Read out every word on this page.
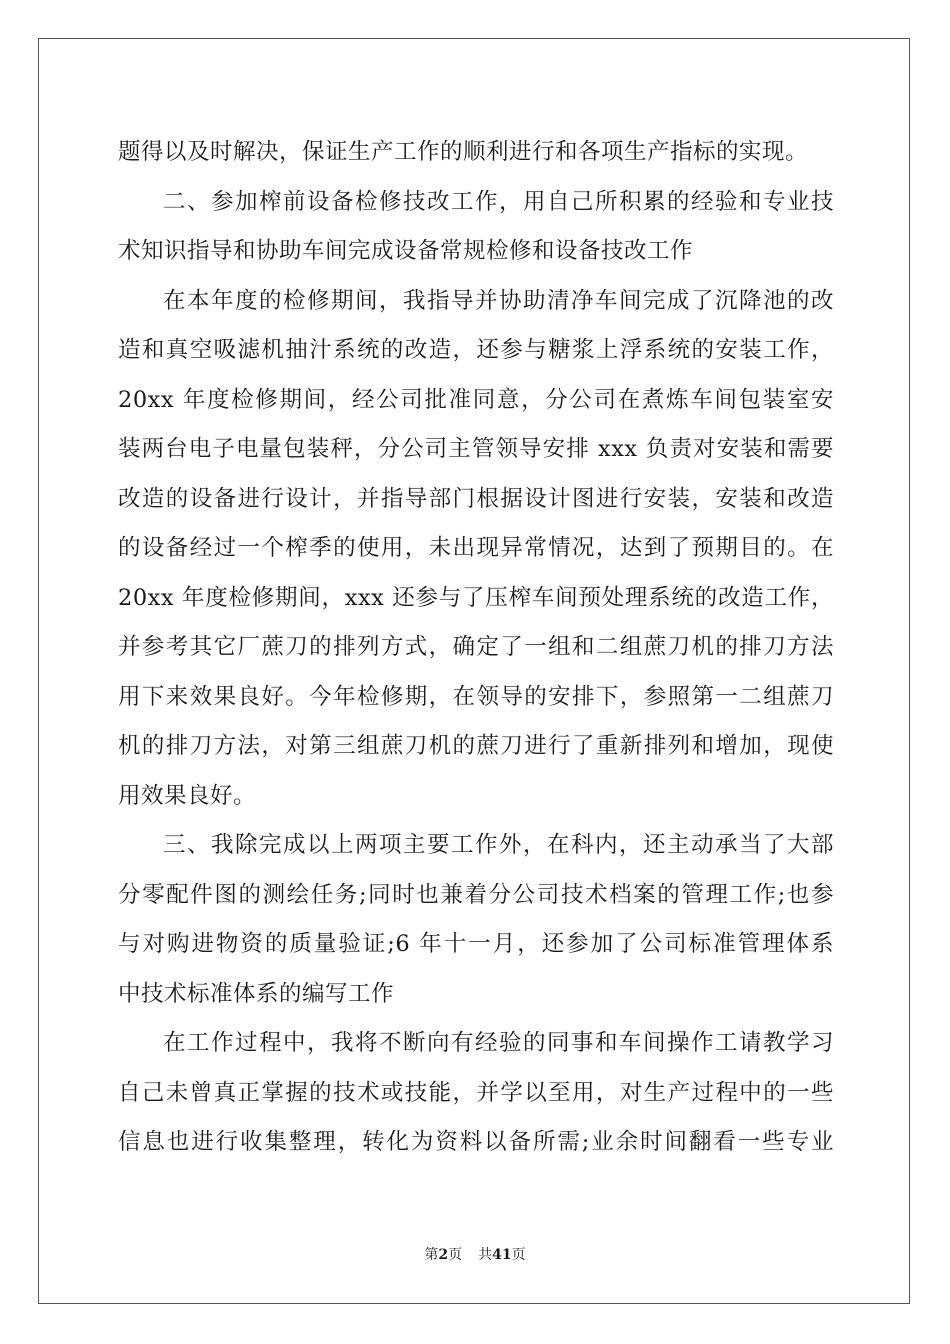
题得以及时解决，保证生产工作的顺利进行和各项生产指标的实现。
二、参加榨前设备检修技改工作，用自己所积累的经验和专业技
术知识指导和协助车间完成设备常规检修和设备技改工作
在本年度的检修期间，我指导并协助清净车间完成了沉降池的改
造和真空吸滤机抽汁系统的改造，还参与糖浆上浮系统的安装工作，
20xx 年度检修期间，经公司批准同意，分公司在煮炼车间包装室安
装两台电子电量包装秤，分公司主管领导安排 xxx 负责对安装和需要
改造的设备进行设计，并指导部门根据设计图进行安装，安装和改造
的设备经过一个榨季的使用，未出现异常情况，达到了预期目的。在
20xx 年度检修期间，xxx 还参与了压榨车间预处理系统的改造工作，
并参考其它厂蔗刀的排列方式，确定了一组和二组蔗刀机的排刀方法
用下来效果良好。今年检修期，在领导的安排下，参照第一二组蔗刀
机的排刀方法，对第三组蔗刀机的蔗刀进行了重新排列和增加，现使
用效果良好。
三、我除完成以上两项主要工作外，在科内，还主动承当了大部
分零配件图的测绘任务;同时也兼着分公司技术档案的管理工作;也参
与对购进物资的质量验证;6 年十一月，还参加了公司标准管理体系
中技术标准体系的编写工作
在工作过程中，我将不断向有经验的同事和车间操作工请教学习
自己未曾真正掌握的技术或技能，并学以至用，对生产过程中的一些
信息也进行收集整理，转化为资料以备所需;业余时间翻看一些专业
第2页 共41页
